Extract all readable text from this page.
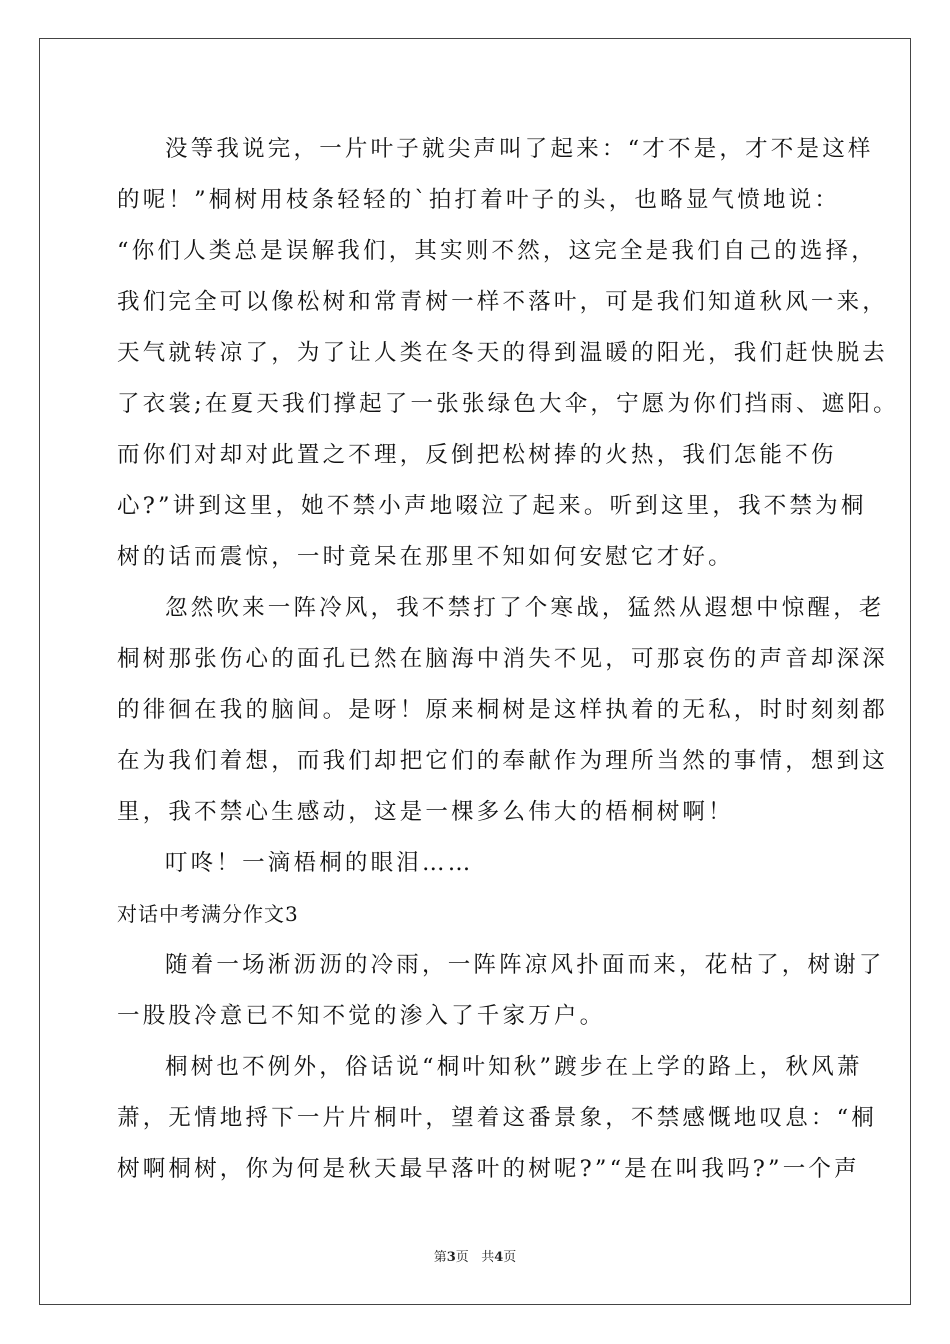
没等我说完，一片叶子就尖声叫了起来：“才不是，才不是这样
的呢！”桐树用枝条轻轻的`拍打着叶子的头，也略显气愤地说：
“你们人类总是误解我们，其实则不然，这完全是我们自己的选择，
我们完全可以像松树和常青树一样不落叶，可是我们知道秋风一来，
天气就转凉了，为了让人类在冬天的得到温暖的阳光，我们赶快脱去
了衣裳;在夏天我们撑起了一张张绿色大伞，宁愿为你们挡雨、遮阳。
而你们对却对此置之不理，反倒把松树捧的火热，我们怎能不伤
心?”讲到这里，她不禁小声地啜泣了起来。听到这里，我不禁为桐
树的话而震惊，一时竟呆在那里不知如何安慰它才好。
忽然吹来一阵冷风，我不禁打了个寒战，猛然从遐想中惊醒，老
桐树那张伤心的面孔已然在脑海中消失不见，可那哀伤的声音却深深
的徘徊在我的脑间。是呀！原来桐树是这样执着的无私，时时刻刻都
在为我们着想，而我们却把它们的奉献作为理所当然的事情，想到这
里，我不禁心生感动，这是一棵多么伟大的梧桐树啊！
叮咚！一滴梧桐的眼泪……
对话中考满分作文3
随着一场淅沥沥的冷雨，一阵阵凉风扑面而来，花枯了，树谢了
一股股冷意已不知不觉的渗入了千家万户。
桐树也不例外，俗话说“桐叶知秋”踱步在上学的路上，秋风萧
萧，无情地捋下一片片桐叶，望着这番景象，不禁感慨地叹息：“桐
树啊桐树，你为何是秋天最早落叶的树呢?”“是在叫我吗?”一个声
第3页   共4页
